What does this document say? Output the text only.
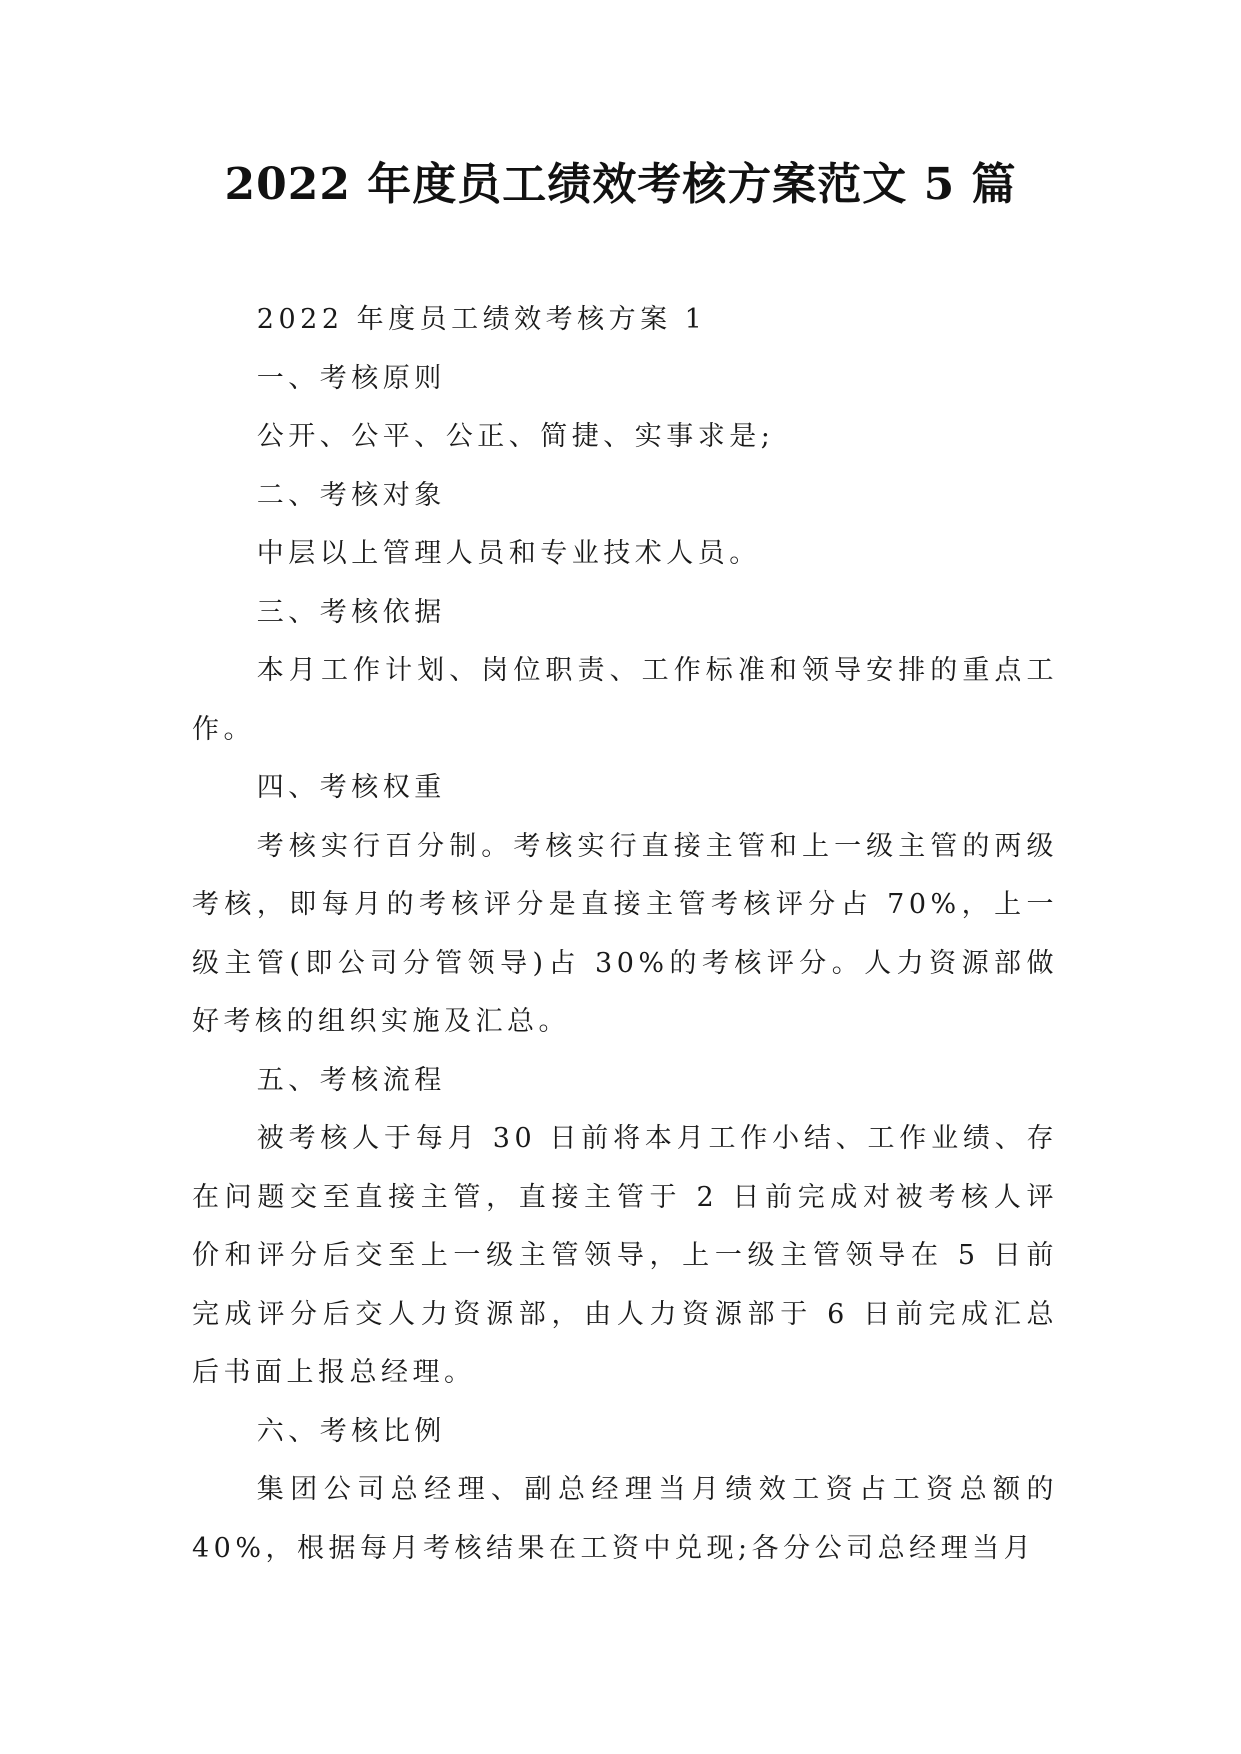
2022 年度员工绩效考核方案范文 5 篇

2022 年度员工绩效考核方案 1

一、考核原则

公开、公平、公正、简捷、实事求是;

二、考核对象

中层以上管理人员和专业技术人员。

三、考核依据

本月工作计划、岗位职责、工作标准和领导安排的重点工作。

四、考核权重

考核实行百分制。考核实行直接主管和上一级主管的两级考核，即每月的考核评分是直接主管考核评分占 70%，上一级主管(即公司分管领导)占 30%的考核评分。人力资源部做好考核的组织实施及汇总。

五、考核流程

被考核人于每月 30 日前将本月工作小结、工作业绩、存在问题交至直接主管，直接主管于 2 日前完成对被考核人评价和评分后交至上一级主管领导，上一级主管领导在 5 日前完成评分后交人力资源部，由人力资源部于 6 日前完成汇总后书面上报总经理。

六、考核比例

集团公司总经理、副总经理当月绩效工资占工资总额的 40%，根据每月考核结果在工资中兑现;各分公司总经理当月
